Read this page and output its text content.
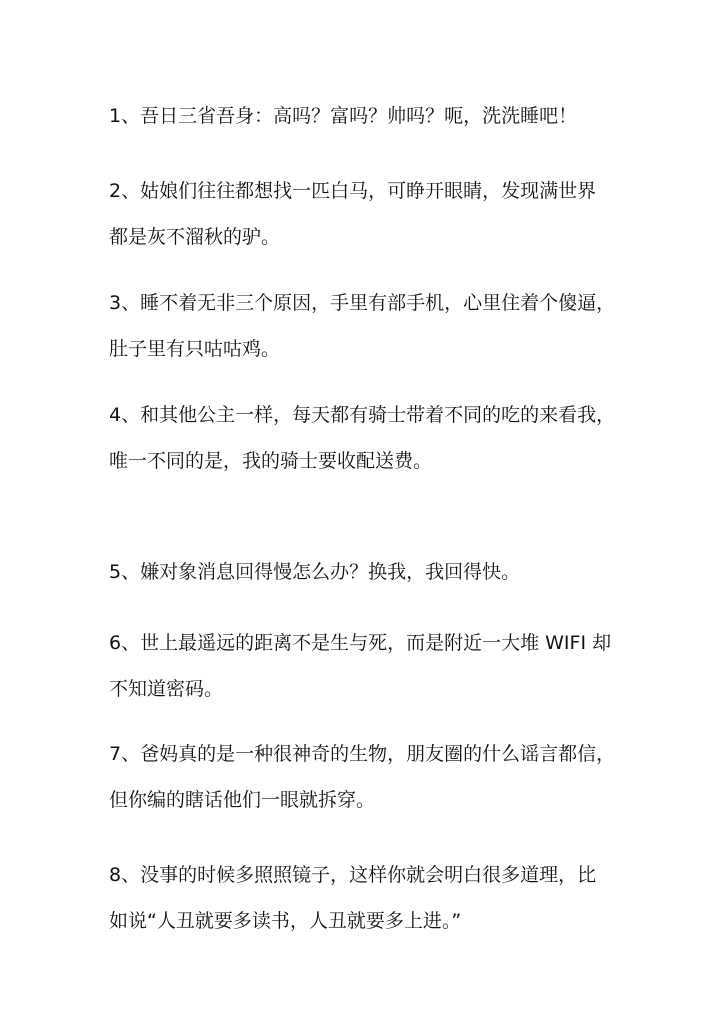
1、吾日三省吾身：高吗？富吗？帅吗？呃，洗洗睡吧！
2、姑娘们往往都想找一匹白马，可睁开眼睛，发现满世界
都是灰不溜秋的驴。
3、睡不着无非三个原因，手里有部手机，心里住着个傻逼，
肚子里有只咕咕鸡。
4、和其他公主一样，每天都有骑士带着不同的吃的来看我，
唯一不同的是，我的骑士要收配送费。
5、嫌对象消息回得慢怎么办？换我，我回得快。
6、世上最遥远的距离不是生与死，而是附近一大堆 WIFI 却
不知道密码。
7、爸妈真的是一种很神奇的生物，朋友圈的什么谣言都信，
但你编的瞎话他们一眼就拆穿。
8、没事的时候多照照镜子，这样你就会明白很多道理，比
如说“人丑就要多读书，人丑就要多上进。”
